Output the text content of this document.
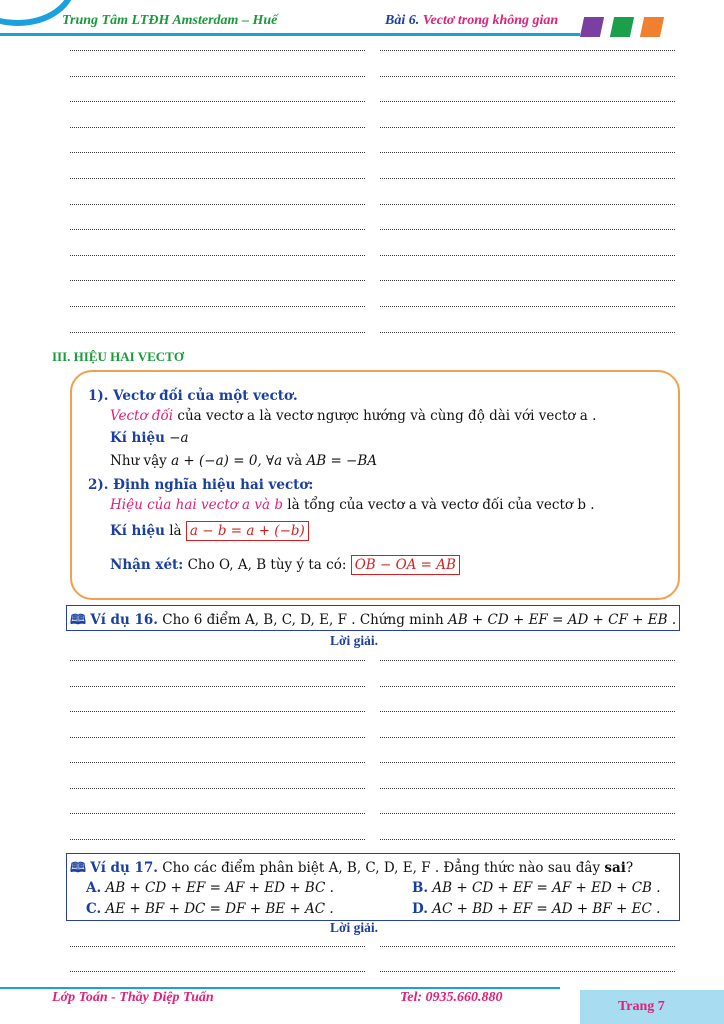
Trung Tâm LTĐH Amsterdam – Huế	Bài 6. Vectơ trong không gian
III. HIỆU HAI VECTƠ
1). Vectơ đối của một vectơ.
Vectơ đối của vectơ a là vectơ ngược hướng và cùng độ dài với vectơ a .
Kí hiệu −a
Như vậy a + (−a) = 0, ∀a và AB = −BA
2). Định nghĩa hiệu hai vectơ:
Hiệu của hai vectơ a và b là tổng của vectơ a và vectơ đối của vectơ b .
Kí hiệu là a − b = a + (−b)
Nhận xét: Cho O, A, B tùy ý ta có: OB − OA = AB
🕮 Ví dụ 16. Cho 6 điểm A, B, C, D, E, F . Chứng minh AB + CD + EF = AD + CF + EB .
Lời giải.
🕮 Ví dụ 17. Cho các điểm phân biệt A, B, C, D, E, F . Đẳng thức nào sau đây sai?
A. AB + CD + EF = AF + ED + BC .	B. AB + CD + EF = AF + ED + CB .
C. AE + BF + DC = DF + BE + AC .	D. AC + BD + EF = AD + BF + EC .
Lời giải.
Lớp Toán - Thầy Diệp Tuấn	Tel: 0935.660.880
Trang 7
